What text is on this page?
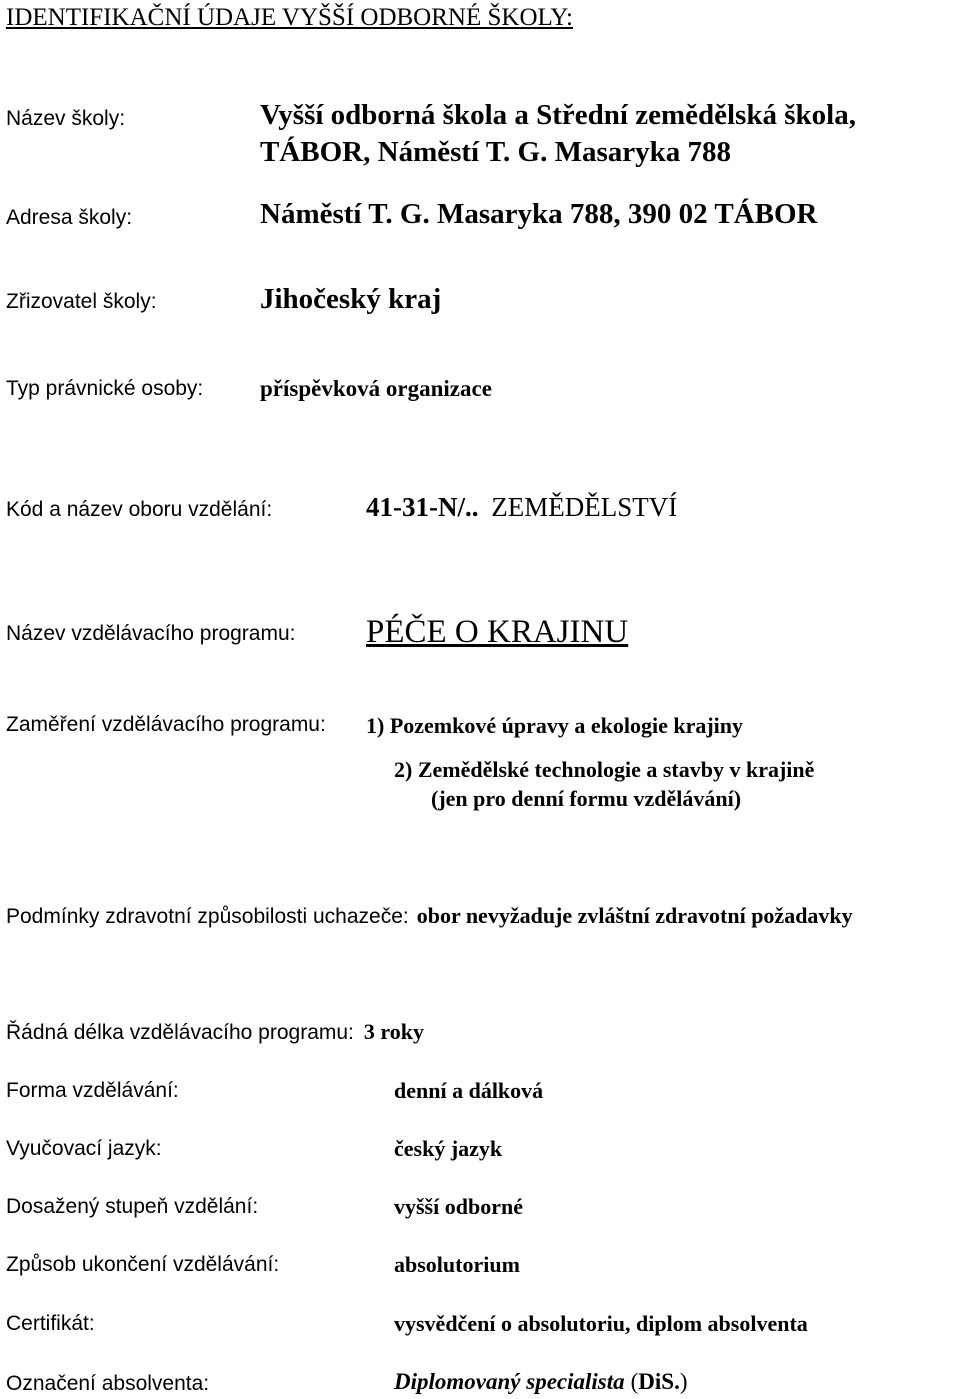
IDENTIFIKAČNÍ ÚDAJE VYŠŠÍ ODBORNÉ ŠKOLY:
Název školy:	Vyšší odborná škola a Střední zemědělská škola,
TÁBOR, Náměstí T. G. Masaryka 788
Adresa školy:	Náměstí T. G. Masaryka 788, 390 02 TÁBOR
Zřizovatel školy:	Jihočeský kraj
Typ právnické osoby: příspěvková organizace
Kód a název oboru vzdělání:	41-31-N/.. ZEMĚDĚLSTVÍ
Název vzdělávacího programu: PÉČE O KRAJINU
Zaměření vzdělávacího programu: 1) Pozemkové úpravy a ekologie krajiny
2) Zemědělské technologie a stavby v krajině
(jen pro denní formu vzdělávání)
Podmínky zdravotní způsobilosti uchazeče: obor nevyžaduje zvláštní zdravotní požadavky
Řádná délka vzdělávacího programu: 3 roky
Forma vzdělávání:	denní a dálková
Vyučovací jazyk:	český jazyk
Dosažený stupeň vzdělání:	vyšší odborné
Způsob ukončení vzdělávání:	absolutorium
Certifikát:	vysvědčení o absolutoriu, diplom absolventa
Označení absolventa:	Diplomovaný specialista (DiS.)
